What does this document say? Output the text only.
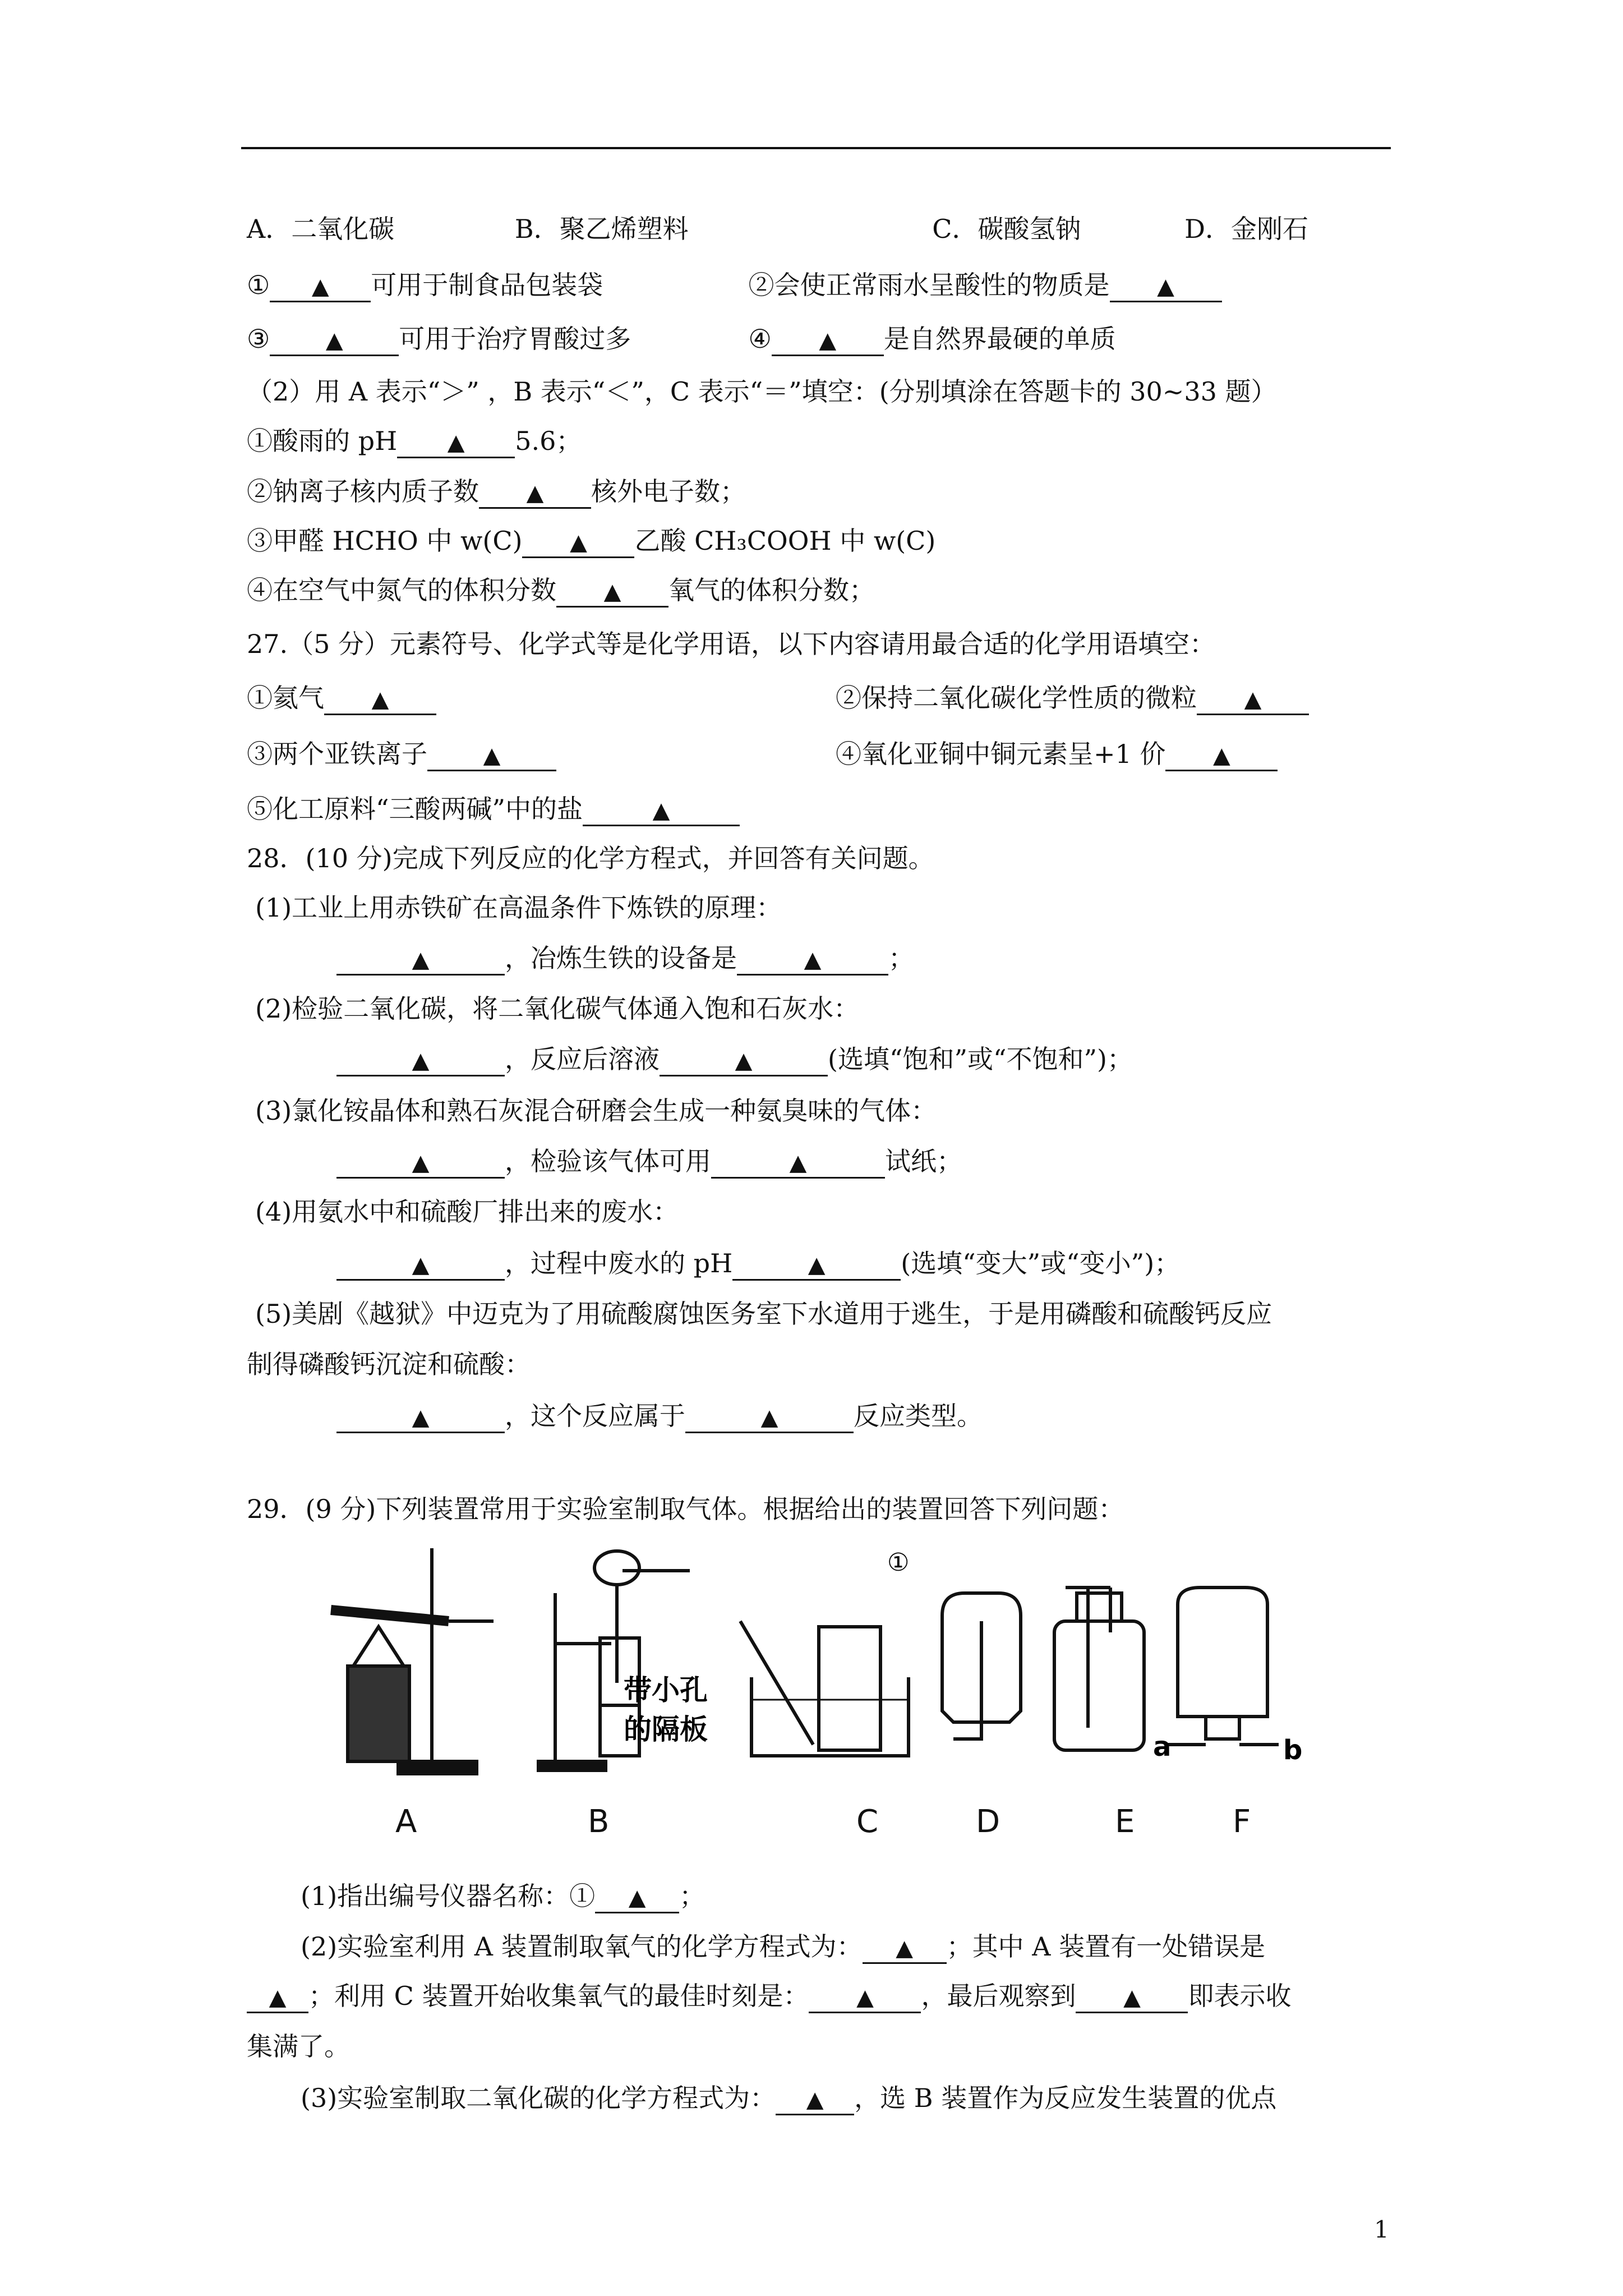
A．二氧化碳	B．聚乙烯塑料	C．碳酸氢钠	D．金刚石
① ▲ 可用于制食品包装袋	②会使正常雨水呈酸性的物质是 ▲
③ ▲ 可用于治疗胃酸过多	④ ▲ 是自然界最硬的单质
（2）用 A 表示“＞” ，B 表示“＜”，C 表示“＝”填空：(分别填涂在答题卡的 30~33 题）
①酸雨的 pH ▲ 5.6；
②钠离子核内质子数 ▲ 核外电子数；
③甲醛 HCHO 中 w(C) ▲ 乙酸 CH₃COOH 中 w(C)
④在空气中氮气的体积分数 ▲ 氧气的体积分数；
27.（5 分）元素符号、化学式等是化学用语，以下内容请用最合适的化学用语填空：
①氦气 ▲	②保持二氧化碳化学性质的微粒 ▲
③两个亚铁离子 ▲	④氧化亚铜中铜元素呈+1 价 ▲
⑤化工原料“三酸两碱”中的盐	▲
28．(10 分)完成下列反应的化学方程式，并回答有关问题。
(1)工业上用赤铁矿在高温条件下炼铁的原理：
▲	，冶炼生铁的设备是	▲	；
(2)检验二氧化碳，将二氧化碳气体通入饱和石灰水：
▲	，反应后溶液	▲	(选填“饱和”或“不饱和”)；
(3)氯化铵晶体和熟石灰混合研磨会生成一种氨臭味的气体：
▲	，检验该气体可用	▲	试纸；
(4)用氨水中和硫酸厂排出来的废水：
▲	，过程中废水的 pH	▲	(选填“变大”或“变小”)；
(5)美剧《越狱》中迈克为了用硫酸腐蚀医务室下水道用于逃生，于是用磷酸和硫酸钙反应
制得磷酸钙沉淀和硫酸：
▲	，这个反应属于	▲	反应类型。
29．(9 分)下列装置常用于实验室制取气体。根据给出的装置回答下列问题：
①
带小孔
的隔板
a	b
A	B	C	D	E	F
(1)指出编号仪器名称：① ▲ ；
(2)实验室利用 A 装置制取氧气的化学方程式为： ▲ ；其中 A 装置有一处错误是
▲ ；利用 C 装置开始收集氧气的最佳时刻是： ▲ ，最后观察到 ▲ 即表示收
集满了。
(3)实验室制取二氧化碳的化学方程式为： ▲ ，选 B 装置作为反应发生装置的优点
1
